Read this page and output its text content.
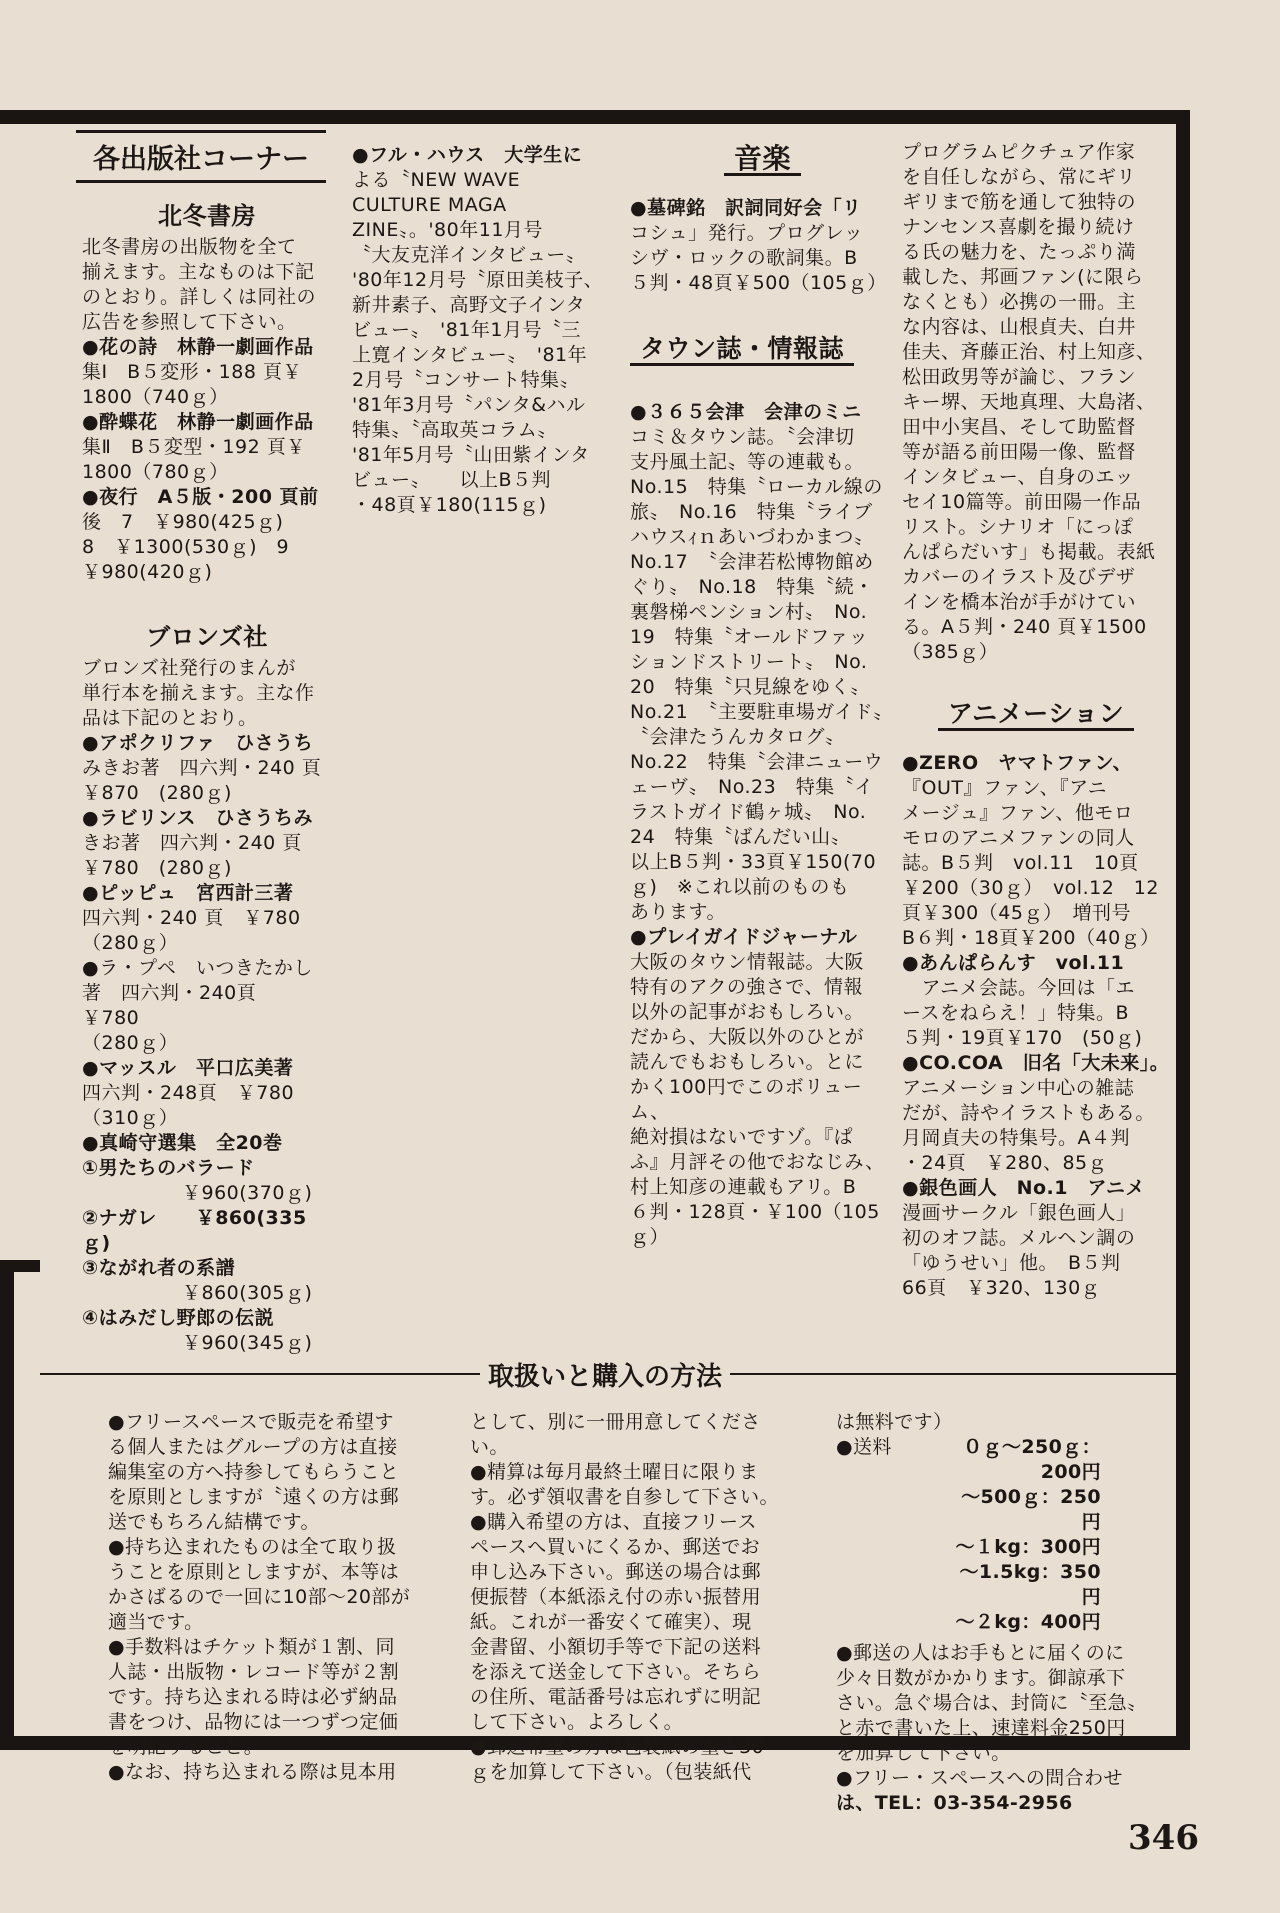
各出版社コーナー
北冬書房

北冬書房の出版物を全て

揃えます。主なものは下記

のとおり。詳しくは同社の

広告を参照して下さい。

●花の詩　林静一劇画作品

集Ⅰ　B５変形・188 頁￥

1800（740ｇ）

●酔蝶花　林静一劇画作品

集Ⅱ　B５変型・192 頁￥

1800（780ｇ）

●夜行　A５版・200 頁前

後　7　￥980(425ｇ)

8　￥1300(530ｇ)　9

￥980(420ｇ)

ブロンズ社

ブロンズ社発行のまんが

単行本を揃えます。主な作

品は下記のとおり。

●アポクリファ　ひさうち

みきお著　四六判・240 頁

￥870　(280ｇ)

●ラビリンス　ひさうちみ

きお著　四六判・240 頁

￥780　(280ｇ)

●ピッピュ　宮西計三著

四六判・240 頁　￥780

（280ｇ）

●ラ・プペ　いつきたかし

著　四六判・240頁　￥780

（280ｇ）

●マッスル　平口広美著

四六判・248頁　￥780

（310ｇ）

●真崎守選集　全20巻

①男たちのバラード

￥960(370ｇ)

②ナガレ　　￥860(335ｇ)

③ながれ者の系譜

￥860(305ｇ)

④はみだし野郎の伝説

￥960(345ｇ)

●フル・ハウス　大学生に

よる〝NEW WAVE

CULTURE MAGA

ZINE〟。'80年11月号

〝大友克洋インタビュー〟

'80年12月号〝原田美枝子、

新井素子、高野文子インタ

ビュー〟　'81年1月号〝三

上寛インタビュー〟　'81年

2月号〝コンサート特集〟

'81年3月号〝パンタ&ハル

特集〟〝高取英コラム〟

'81年5月号〝山田紫インタ

ビュー〟　　以上B５判

・48頁￥180(115ｇ)

音楽

●墓碑銘　訳詞同好会「リ

コシュ」発行。プログレッ

シヴ・ロックの歌詞集。B

５判・48頁￥500（105ｇ）

タウン誌・情報誌

●３６５会津　会津のミニ

コミ＆タウン誌。〝会津切

支丹風土記〟等の連載も。

No.15　特集〝ローカル線の

旅〟　No.16　特集〝ライブ

ハウスｨｎあいづわかまつ〟

No.17　〝会津若松博物館め

ぐり〟　No.18　特集〝続・

裏磐梯ペンション村〟　No.

19　特集〝オールドファッ

ションドストリート〟　No.

20　特集〝只見線をゆく〟

No.21　〝主要駐車場ガイド〟

〝会津たうんカタログ〟

No.22　特集〝会津ニューウ

ェーヴ〟　No.23　特集〝イ

ラストガイド鶴ヶ城〟　No.

24　特集〝ばんだい山〟

以上B５判・33頁￥150(70

ｇ)　※これ以前のものも

あります。

●プレイガイドジャーナル

大阪のタウン情報誌。大阪

特有のアクの強さで、情報

以外の記事がおもしろい。

だから、大阪以外のひとが

読んでもおもしろい。とに

かく100円でこのボリューム、

絶対損はないですゾ。『ぱ

ふ』月評その他でおなじみ、

村上知彦の連載もアリ。B

６判・128頁・￥100（105ｇ）

プログラムピクチュア作家

を自任しながら、常にギリ

ギリまで筋を通して独特の

ナンセンス喜劇を撮り続け

る氏の魅力を、たっぷり満

載した、邦画ファン(に限ら

なくとも）必携の一冊。主

な内容は、山根貞夫、白井

佳夫、斉藤正治、村上知彦、

松田政男等が論じ、フラン

キー堺、天地真理、大島渚、

田中小実昌、そして助監督

等が語る前田陽一像、監督

インタビュー、自身のエッ

セイ10篇等。前田陽一作品

リスト。シナリオ「にっぽ

んぱらだいす」も掲載。表紙

カバーのイラスト及びデザ

インを橋本治が手がけてい

る。A５判・240 頁￥1500

（385ｇ）

アニメーション

●ZERO　ヤマトファン、

『OUT』ファン、『アニ

メージュ』ファン、他モロ

モロのアニメファンの同人

誌。B５判　vol.11　10頁

￥200（30ｇ）　vol.12　12

頁￥300（45ｇ）　増刊号

B６判・18頁￥200（40ｇ）

●あんぱらんす　vol.11

　アニメ会誌。今回は「エ

ースをねらえ！」特集。B

５判・19頁￥170　(50ｇ)

●CO.COA　旧名「大未来」。

アニメーション中心の雑誌

だが、詩やイラストもある。

月岡貞夫の特集号。A４判

・24頁　￥280、85ｇ

●銀色画人　No.1　アニメ

漫画サークル「銀色画人」

初のオフ誌。メルヘン調の

「ゆうせい」他。　B５判

66頁　￥320、130ｇ

取扱いと購入の方法

●フリースペースで販売を希望す

る個人またはグループの方は直接

編集室の方へ持参してもらうこと

を原則としますが〝遠くの方は郵

送でもちろん結構です。

●持ち込まれたものは全て取り扱

うことを原則としますが、本等は

かさばるので一回に10部〜20部が

適当です。

●手数料はチケット類が１割、同

人誌・出版物・レコード等が２割

です。持ち込まれる時は必ず納品

書をつけ、品物には一つずつ定価

を明記すること。

●なお、持ち込まれる際は見本用

として、別に一冊用意してくださ

い。

●精算は毎月最終土曜日に限りま

す。必ず領収書を自参して下さい。

●購入希望の方は、直接フリース

ペースへ買いにくるか、郵送でお

申し込み下さい。郵送の場合は郵

便振替（本紙添え付の赤い振替用

紙。これが一番安くて確実）、現

金書留、小額切手等で下記の送料

を添えて送金して下さい。そちら

の住所、電話番号は忘れずに明記

して下さい。よろしく。

●郵送希望の方は包装紙の重さ30

ｇを加算して下さい。（包装紙代

は無料です）

●送料	０ｇ〜250ｇ：200円

〜500ｇ：250円

〜１kg：300円

〜1.5kg：350円

〜２kg：400円

●郵送の人はお手もとに届くのに

少々日数がかかります。御諒承下

さい。急ぐ場合は、封筒に〝至急〟

と赤で書いた上、速達料金250円

を加算して下さい。

●フリー・スペースへの問合わせ

は、TEL：03-354-2956

346
